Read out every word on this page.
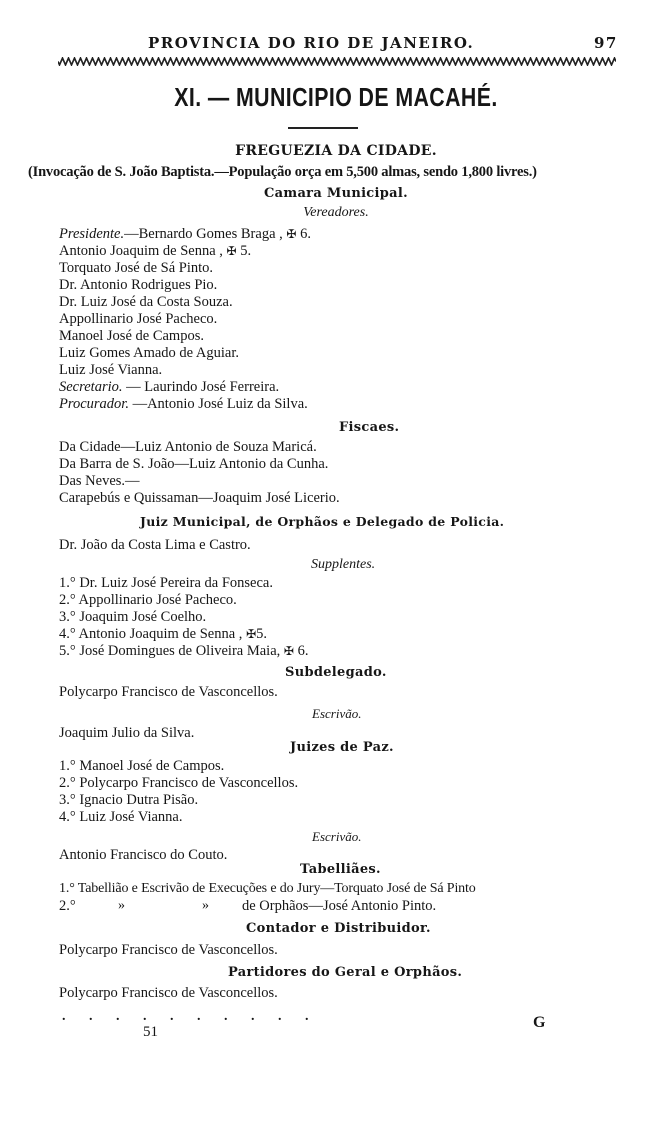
PROVINCIA DO RIO DE JANEIRO.	97
XI. — MUNICIPIO DE MACAHÉ.
FREGUEZIA DA CIDADE.
(Invocação de S. João Baptista.—População orça em 5,500 almas, sendo 1,800 livres.)
Camara Municipal.
Vereadores.
Presidente.—Bernardo Gomes Braga , ✠ 6.
Antonio Joaquim de Senna , ✠ 5.
Torquato José de Sá Pinto.
Dr. Antonio Rodrigues Pio.
Dr. Luiz José da Costa Souza.
Appollinario José Pacheco.
Manoel José de Campos.
Luiz Gomes Amado de Aguiar.
Luiz José Vianna.
Secretario. — Laurindo José Ferreira.
Procurador. —Antonio José Luiz da Silva.
Fiscaes.
Da Cidade—Luiz Antonio de Souza Maricá.
Da Barra de S. João—Luiz Antonio da Cunha.
Das Neves.—
Carapebús e Quissaman—Joaquim José Licerio.
Juiz Municipal, de Orphãos e Delegado de Policia.
Dr. João da Costa Lima e Castro.
Supplentes.
1.° Dr. Luiz José Pereira da Fonseca.
2.° Appollinario José Pacheco.
3.° Joaquim José Coelho.
4.° Antonio Joaquim de Senna , ✠5.
5.° José Domingues de Oliveira Maia, ✠ 6.
Subdelegado.
Polycarpo Francisco de Vasconcellos.
Escrivão.
Joaquim Julio da Silva.
Juizes de Paz.
1.° Manoel José de Campos.
2.° Polycarpo Francisco de Vasconcellos.
3.° Ignacio Dutra Pisão.
4.° Luiz José Vianna.
Escrivão.
Antonio Francisco do Couto.
Tabelliães.
1.° Tabellião e Escrivão de Execuções e do Jury—Torquato José de Sá Pinto
2.°	»	» de Orphãos—José Antonio Pinto.
Contador e Distribuidor.
Polycarpo Francisco de Vasconcellos.
Partidores do Geral e Orphãos.
Polycarpo Francisco de Vasconcellos.
. . . . . . . . . .
51
G
